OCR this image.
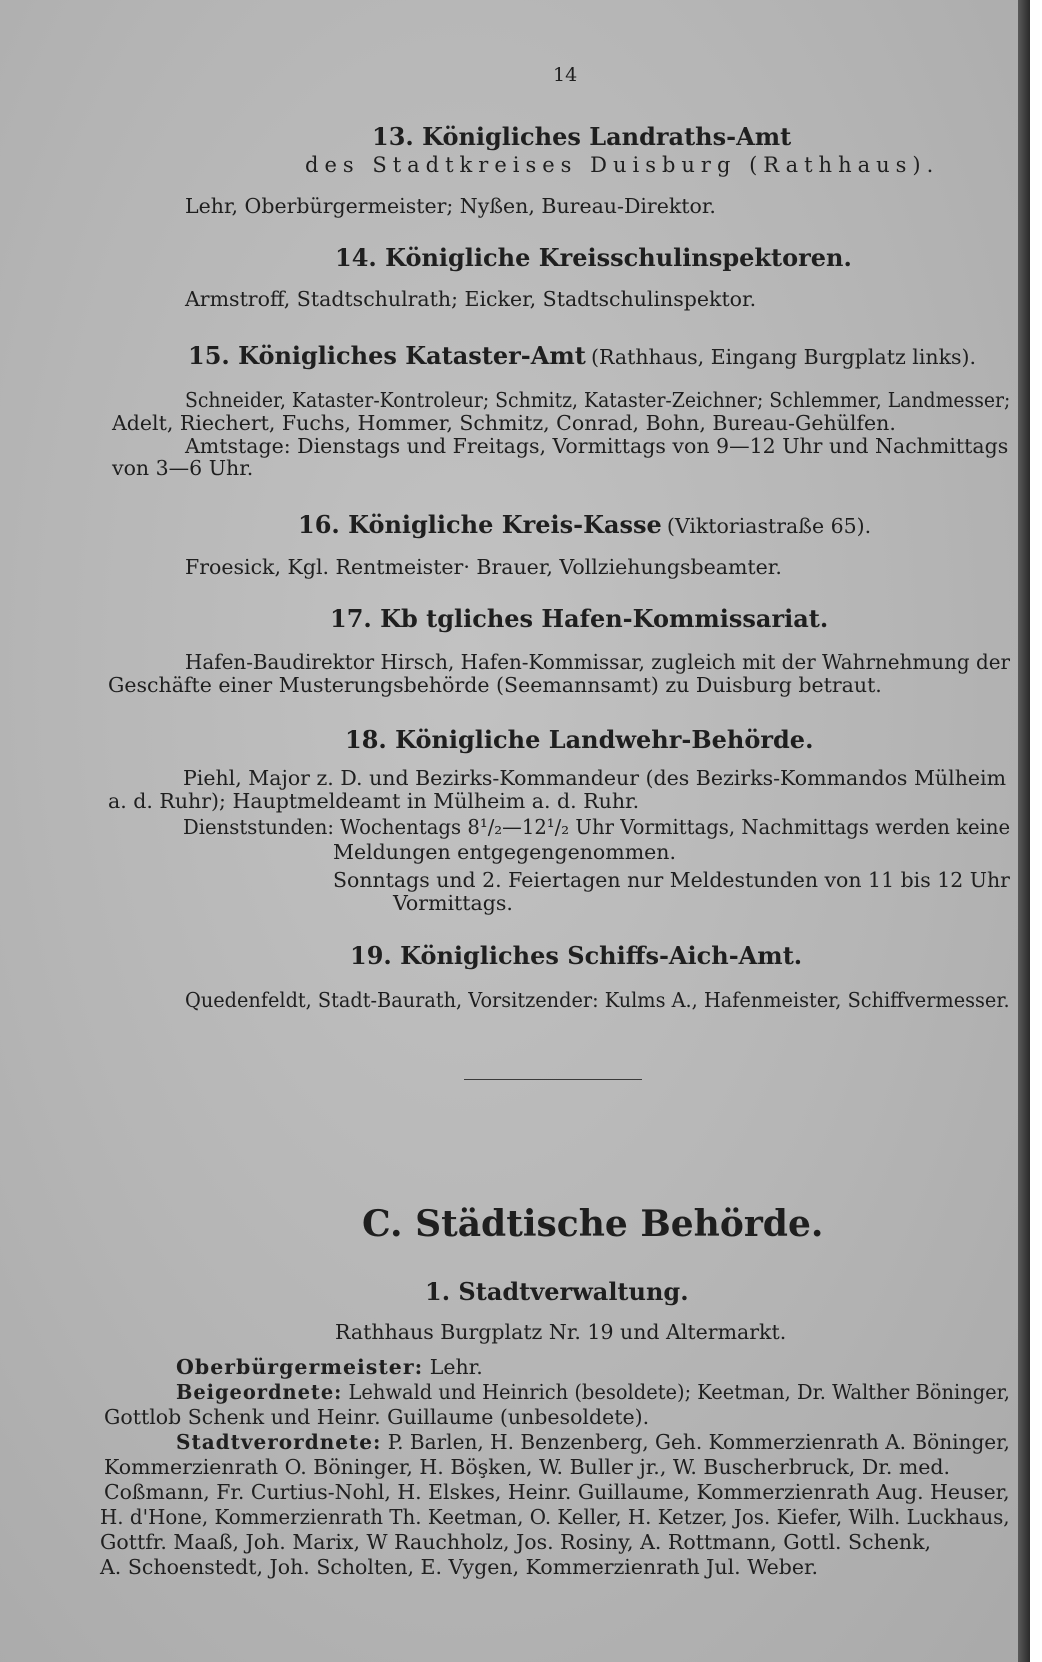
14
13. Königliches Landraths-Amt
des Stadtkreises Duisburg (Rathhaus).
Lehr, Oberbürgermeister; Nyßen, Bureau-Direktor.
14. Königliche Kreisschulinspektoren.
Armstroff, Stadtschulrath; Eicker, Stadtschulinspektor.
15. Königliches Kataster-Amt (Rathhaus, Eingang Burgplatz links).
Schneider, Kataster-Kontroleur; Schmitz, Kataster-Zeichner; Schlemmer, Landmesser;
Adelt, Riechert, Fuchs, Hommer, Schmitz, Conrad, Bohn, Bureau-Gehülfen.
Amtstage: Dienstags und Freitags, Vormittags von 9—12 Uhr und Nachmittags
von 3—6 Uhr.
16. Königliche Kreis-Kasse (Viktoriastraße 65).
Froesick, Kgl. Rentmeister· Brauer, Vollziehungsbeamter.
17. Kb tgliches Hafen-Kommissariat.
Hafen-Baudirektor Hirsch, Hafen-Kommissar, zugleich mit der Wahrnehmung der
Geschäfte einer Musterungsbehörde (Seemannsamt) zu Duisburg betraut.
18. Königliche Landwehr-Behörde.
Piehl, Major z. D. und Bezirks-Kommandeur (des Bezirks-Kommandos Mülheim
a. d. Ruhr); Hauptmeldeamt in Mülheim a. d. Ruhr.
Dienststunden: Wochentags 8¹/₂—12¹/₂ Uhr Vormittags, Nachmittags werden keine
Meldungen entgegengenommen.
Sonntags und 2. Feiertagen nur Meldestunden von 11 bis 12 Uhr
Vormittags.
19. Königliches Schiffs-Aich-Amt.
Quedenfeldt, Stadt-Baurath, Vorsitzender: Kulms A., Hafenmeister, Schiffvermesser.
C. Städtische Behörde.
1. Stadtverwaltung.
Rathhaus Burgplatz Nr. 19 und Altermarkt.
Oberbürgermeister: Lehr.
Beigeordnete: Lehwald und Heinrich (besoldete); Keetman, Dr. Walther Böninger,
Gottlob Schenk und Heinr. Guillaume (unbesoldete).
Stadtverordnete: P. Barlen, H. Benzenberg, Geh. Kommerzienrath A. Böninger,
Kommerzienrath O. Böninger, H. Böşken, W. Buller jr., W. Buscherbruck, Dr. med.
Coßmann, Fr. Curtius-Nohl, H. Elskes, Heinr. Guillaume, Kommerzienrath Aug. Heuser,
H. d'Hone, Kommerzienrath Th. Keetman, O. Keller, H. Ketzer, Jos. Kiefer, Wilh. Luckhaus,
Gottfr. Maaß, Joh. Marix, W Rauchholz, Jos. Rosiny, A. Rottmann, Gottl. Schenk,
A. Schoenstedt, Joh. Scholten, E. Vygen, Kommerzienrath Jul. Weber.
